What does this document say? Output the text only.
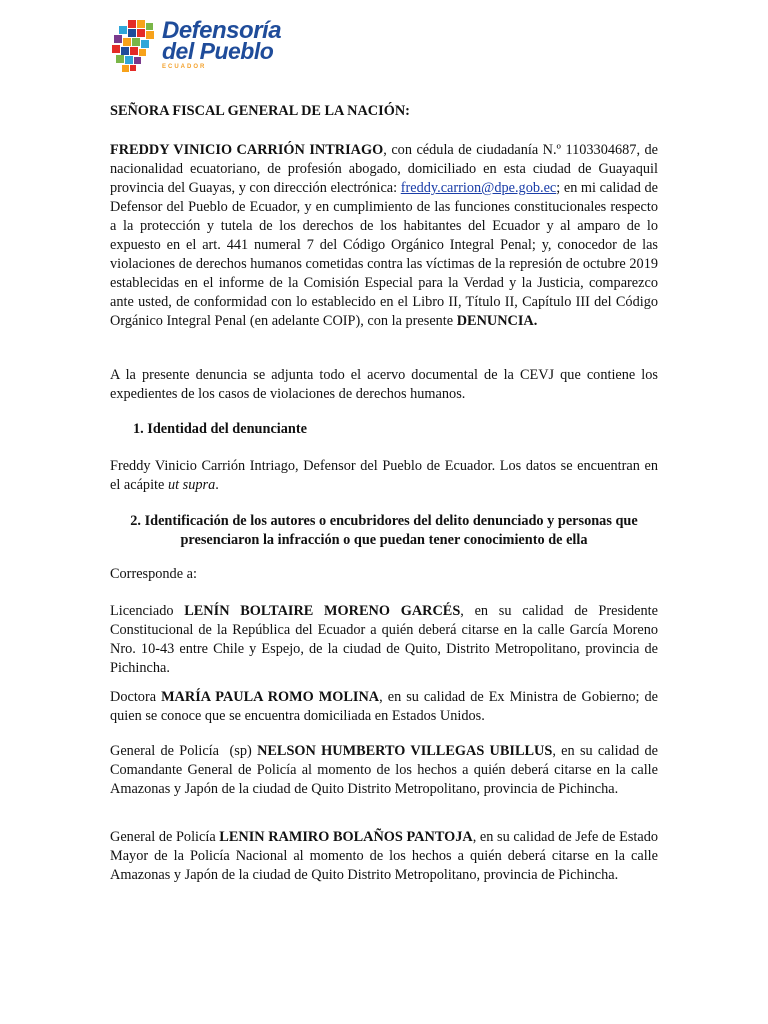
Defensoría
del Pueblo
ECUADOR

SEÑORA FISCAL GENERAL DE LA NACIÓN:

FREDDY VINICIO CARRIÓN INTRIAGO, con cédula de ciudadanía N.º 1103304687, de nacionalidad ecuatoriano, de profesión abogado, domiciliado en esta ciudad de Guayaquil provincia del Guayas, y con dirección electrónica: freddy.carrion@dpe.gob.ec; en mi calidad de Defensor del Pueblo de Ecuador, y en cumplimiento de las funciones constitucionales respecto a la protección y tutela de los derechos de los habitantes del Ecuador y al amparo de lo expuesto en el art. 441 numeral 7 del Código Orgánico Integral Penal; y, conocedor de las violaciones de derechos humanos cometidas contra las víctimas de la represión de octubre 2019 establecidas en el informe de la Comisión Especial para la Verdad y la Justicia, comparezco ante usted, de conformidad con lo establecido en el Libro II, Título II, Capítulo III del Código Orgánico Integral Penal (en adelante COIP), con la presente DENUNCIA.

A la presente denuncia se adjunta todo el acervo documental de la CEVJ que contiene los expedientes de los casos de violaciones de derechos humanos.

1. Identidad del denunciante

Freddy Vinicio Carrión Intriago, Defensor del Pueblo de Ecuador. Los datos se encuentran en el acápite ut supra.

2. Identificación de los autores o encubridores del delito denunciado y personas que presenciaron la infracción o que puedan tener conocimiento de ella

Corresponde a:

Licenciado LENÍN BOLTAIRE MORENO GARCÉS, en su calidad de Presidente Constitucional de la República del Ecuador a quién deberá citarse en la calle García Moreno Nro. 10-43 entre Chile y Espejo, de la ciudad de Quito, Distrito Metropolitano, provincia de Pichincha.

Doctora MARÍA PAULA ROMO MOLINA, en su calidad de Ex Ministra de Gobierno; de quien se conoce que se encuentra domiciliada en Estados Unidos.

General de Policía  (sp) NELSON HUMBERTO VILLEGAS UBILLUS, en su calidad de Comandante General de Policía al momento de los hechos a quién deberá citarse en la calle Amazonas y Japón de la ciudad de Quito Distrito Metropolitano, provincia de Pichincha.

General de Policía LENIN RAMIRO BOLAÑOS PANTOJA, en su calidad de Jefe de Estado Mayor de la Policía Nacional al momento de los hechos a quién deberá citarse en la calle Amazonas y Japón de la ciudad de Quito Distrito Metropolitano, provincia de Pichincha.
